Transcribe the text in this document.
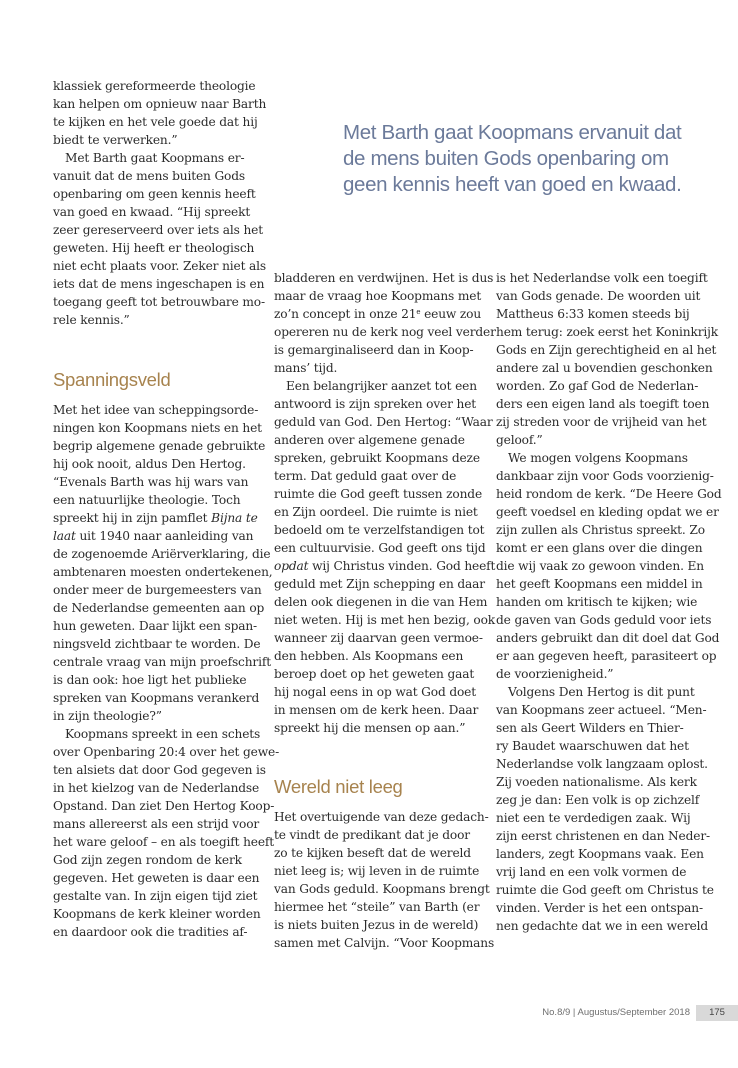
Met Barth gaat Koopmans ervanuit dat
de mens buiten Gods openbaring om
geen kennis heeft van goed en kwaad.
klassiek gereformeerde theologie
kan helpen om opnieuw naar Barth
te kijken en het vele goede dat hij
biedt te verwerken.”
 Met Barth gaat Koopmans er-
vanuit dat de mens buiten Gods
openbaring om geen kennis heeft
van goed en kwaad. “Hij spreekt
zeer gereserveerd over iets als het
geweten. Hij heeft er theologisch
niet echt plaats voor. Zeker niet als
iets dat de mens ingeschapen is en
toegang geeft tot betrouwbare mo-
rele kennis.”
Spanningsveld
Met het idee van scheppingsorde-
ningen kon Koopmans niets en het
begrip algemene genade gebruikte
hij ook nooit, aldus Den Hertog.
“Evenals Barth was hij wars van
een natuurlijke theologie. Toch
spreekt hij in zijn pamflet Bijna te
laat uit 1940 naar aanleiding van
de zogenoemde Ariërverklaring, die
ambtenaren moesten ondertekenen,
onder meer de burgemeesters van
de Nederlandse gemeenten aan op
hun geweten. Daar lijkt een span-
ningsveld zichtbaar te worden. De
centrale vraag van mijn proefschrift
is dan ook: hoe ligt het publieke
spreken van Koopmans verankerd
in zijn theologie?”
 Koopmans spreekt in een schets
over Openbaring 20:4 over het gewe-
ten alsiets dat door God gegeven is
in het kielzog van de Nederlandse
Opstand. Dan ziet Den Hertog Koop-
mans allereerst als een strijd voor
het ware geloof – en als toegift heeft
God zijn zegen rondom de kerk
gegeven. Het geweten is daar een
gestalte van. In zijn eigen tijd ziet
Koopmans de kerk kleiner worden
en daardoor ook die tradities af-
bladderen en verdwijnen. Het is dus
maar de vraag hoe Koopmans met
zo’n concept in onze 21e eeuw zou
opereren nu de kerk nog veel verder
is gemarginaliseerd dan in Koop-
mans’ tijd.
 Een belangrijker aanzet tot een
antwoord is zijn spreken over het
geduld van God. Den Hertog: “Waar
anderen over algemene genade
spreken, gebruikt Koopmans deze
term. Dat geduld gaat over de
ruimte die God geeft tussen zonde
en Zijn oordeel. Die ruimte is niet
bedoeld om te verzelfstandigen tot
een cultuurvisie. God geeft ons tijd
opdat wij Christus vinden. God heeft
geduld met Zijn schepping en daar
delen ook diegenen in die van Hem
niet weten. Hij is met hen bezig, ook
wanneer zij daarvan geen vermoe-
den hebben. Als Koopmans een
beroep doet op het geweten gaat
hij nogal eens in op wat God doet
in mensen om de kerk heen. Daar
spreekt hij die mensen op aan.”
Wereld niet leeg
Het overtuigende van deze gedach-
te vindt de predikant dat je door
zo te kijken beseft dat de wereld
niet leeg is; wij leven in de ruimte
van Gods geduld. Koopmans brengt
hiermee het “steile” van Barth (er
is niets buiten Jezus in de wereld)
samen met Calvijn. “Voor Koopmans
is het Nederlandse volk een toegift
van Gods genade. De woorden uit
Mattheus 6:33 komen steeds bij
hem terug: zoek eerst het Koninkrijk
Gods en Zijn gerechtigheid en al het
andere zal u bovendien geschonken
worden. Zo gaf God de Nederlan-
ders een eigen land als toegift toen
zij streden voor de vrijheid van het
geloof.”
 We mogen volgens Koopmans
dankbaar zijn voor Gods voorzienig-
heid rondom de kerk. “De Heere God
geeft voedsel en kleding opdat we er
zijn zullen als Christus spreekt. Zo
komt er een glans over die dingen
die wij vaak zo gewoon vinden. En
het geeft Koopmans een middel in
handen om kritisch te kijken; wie
de gaven van Gods geduld voor iets
anders gebruikt dan dit doel dat God
er aan gegeven heeft, parasiteert op
de voorzienigheid.”
 Volgens Den Hertog is dit punt
van Koopmans zeer actueel. “Men-
sen als Geert Wilders en Thier-
ry Baudet waarschuwen dat het
Nederlandse volk langzaam oplost.
Zij voeden nationalisme. Als kerk
zeg je dan: Een volk is op zichzelf
niet een te verdedigen zaak. Wij
zijn eerst christenen en dan Neder-
landers, zegt Koopmans vaak. Een
vrij land en een volk vormen de
ruimte die God geeft om Christus te
vinden. Verder is het een ontspan-
nen gedachte dat we in een wereld
No.8/9 | Augustus/September 2018	175
